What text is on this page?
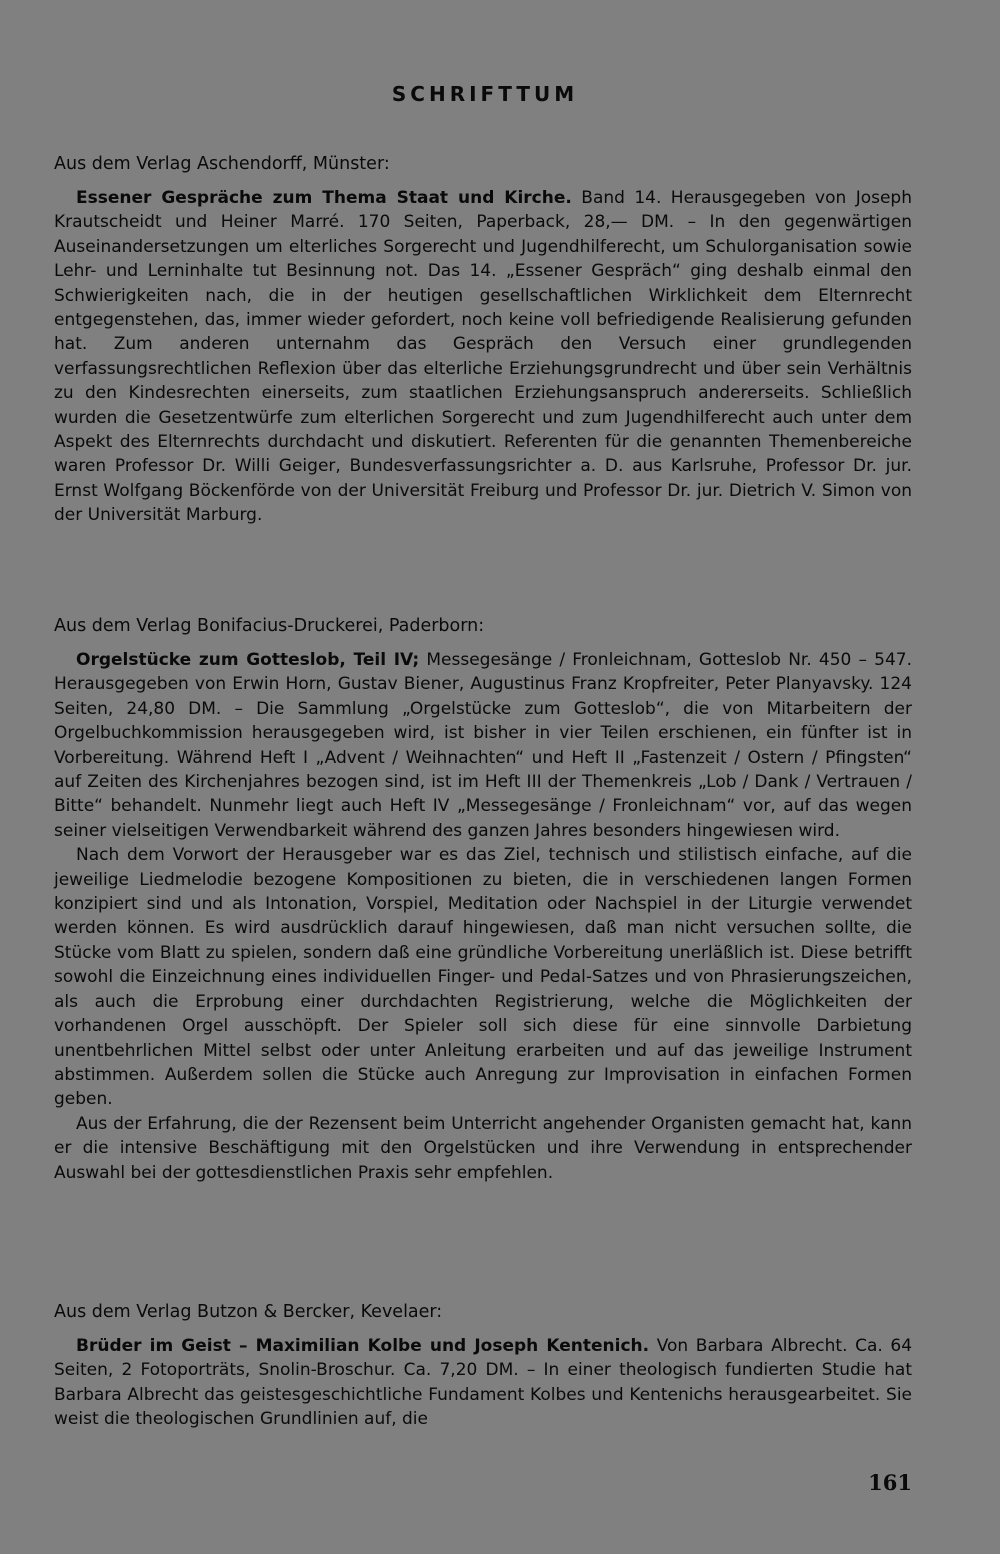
SCHRIFTTUM

Aus dem Verlag Aschendorff, Münster:

Essener Gespräche zum Thema Staat und Kirche. Band 14. Herausgegeben von Joseph Krautscheidt und Heiner Marré. 170 Seiten, Paperback, 28,— DM. – In den gegenwärtigen Auseinandersetzungen um elterliches Sorgerecht und Jugendhilferecht, um Schulorganisation sowie Lehr- und Lerninhalte tut Besinnung not. Das 14. „Essener Gespräch“ ging deshalb einmal den Schwierigkeiten nach, die in der heutigen gesellschaftlichen Wirklichkeit dem Elternrecht entgegenstehen, das, immer wieder gefordert, noch keine voll befriedigende Realisierung gefunden hat. Zum anderen unternahm das Gespräch den Versuch einer grundlegenden verfassungsrechtlichen Reflexion über das elterliche Erziehungsgrundrecht und über sein Verhältnis zu den Kindesrechten einerseits, zum staatlichen Erziehungsanspruch andererseits. Schließlich wurden die Gesetzentwürfe zum elterlichen Sorgerecht und zum Jugendhilferecht auch unter dem Aspekt des Elternrechts durchdacht und diskutiert. Referenten für die genannten Themenbereiche waren Professor Dr. Willi Geiger, Bundesverfassungsrichter a. D. aus Karlsruhe, Professor Dr. jur. Ernst Wolfgang Böckenförde von der Universität Freiburg und Professor Dr. jur. Dietrich V. Simon von der Universität Marburg.

Aus dem Verlag Bonifacius-Druckerei, Paderborn:

Orgelstücke zum Gotteslob, Teil IV; Messegesänge / Fronleichnam, Gotteslob Nr. 450 – 547. Herausgegeben von Erwin Horn, Gustav Biener, Augustinus Franz Kropfreiter, Peter Planyavsky. 124 Seiten, 24,80 DM. – Die Sammlung „Orgelstücke zum Gotteslob“, die von Mitarbeitern der Orgelbuchkommission herausgegeben wird, ist bisher in vier Teilen erschienen, ein fünfter ist in Vorbereitung. Während Heft I „Advent / Weihnachten“ und Heft II „Fastenzeit / Ostern / Pfingsten“ auf Zeiten des Kirchenjahres bezogen sind, ist im Heft III der Themenkreis „Lob / Dank / Vertrauen / Bitte“ behandelt. Nunmehr liegt auch Heft IV „Messegesänge / Fronleichnam“ vor, auf das wegen seiner vielseitigen Verwendbarkeit während des ganzen Jahres besonders hingewiesen wird.

Nach dem Vorwort der Herausgeber war es das Ziel, technisch und stilistisch einfache, auf die jeweilige Liedmelodie bezogene Kompositionen zu bieten, die in verschiedenen langen Formen konzipiert sind und als Intonation, Vorspiel, Meditation oder Nachspiel in der Liturgie verwendet werden können. Es wird ausdrücklich darauf hingewiesen, daß man nicht versuchen sollte, die Stücke vom Blatt zu spielen, sondern daß eine gründliche Vorbereitung unerläßlich ist. Diese betrifft sowohl die Einzeichnung eines individuellen Finger- und Pedal-Satzes und von Phrasierungszeichen, als auch die Erprobung einer durchdachten Registrierung, welche die Möglichkeiten der vorhandenen Orgel ausschöpft. Der Spieler soll sich diese für eine sinnvolle Darbietung unentbehrlichen Mittel selbst oder unter Anleitung erarbeiten und auf das jeweilige Instrument abstimmen. Außerdem sollen die Stücke auch Anregung zur Improvisation in einfachen Formen geben.

Aus der Erfahrung, die der Rezensent beim Unterricht angehender Organisten gemacht hat, kann er die intensive Beschäftigung mit den Orgelstücken und ihre Verwendung in entsprechender Auswahl bei der gottesdienstlichen Praxis sehr empfehlen.

Aus dem Verlag Butzon & Bercker, Kevelaer:

Brüder im Geist – Maximilian Kolbe und Joseph Kentenich. Von Barbara Albrecht. Ca. 64 Seiten, 2 Fotoporträts, Snolin-Broschur. Ca. 7,20 DM. – In einer theologisch fundierten Studie hat Barbara Albrecht das geistesgeschichtliche Fundament Kolbes und Kentenichs herausgearbeitet. Sie weist die theologischen Grundlinien auf, die

161
